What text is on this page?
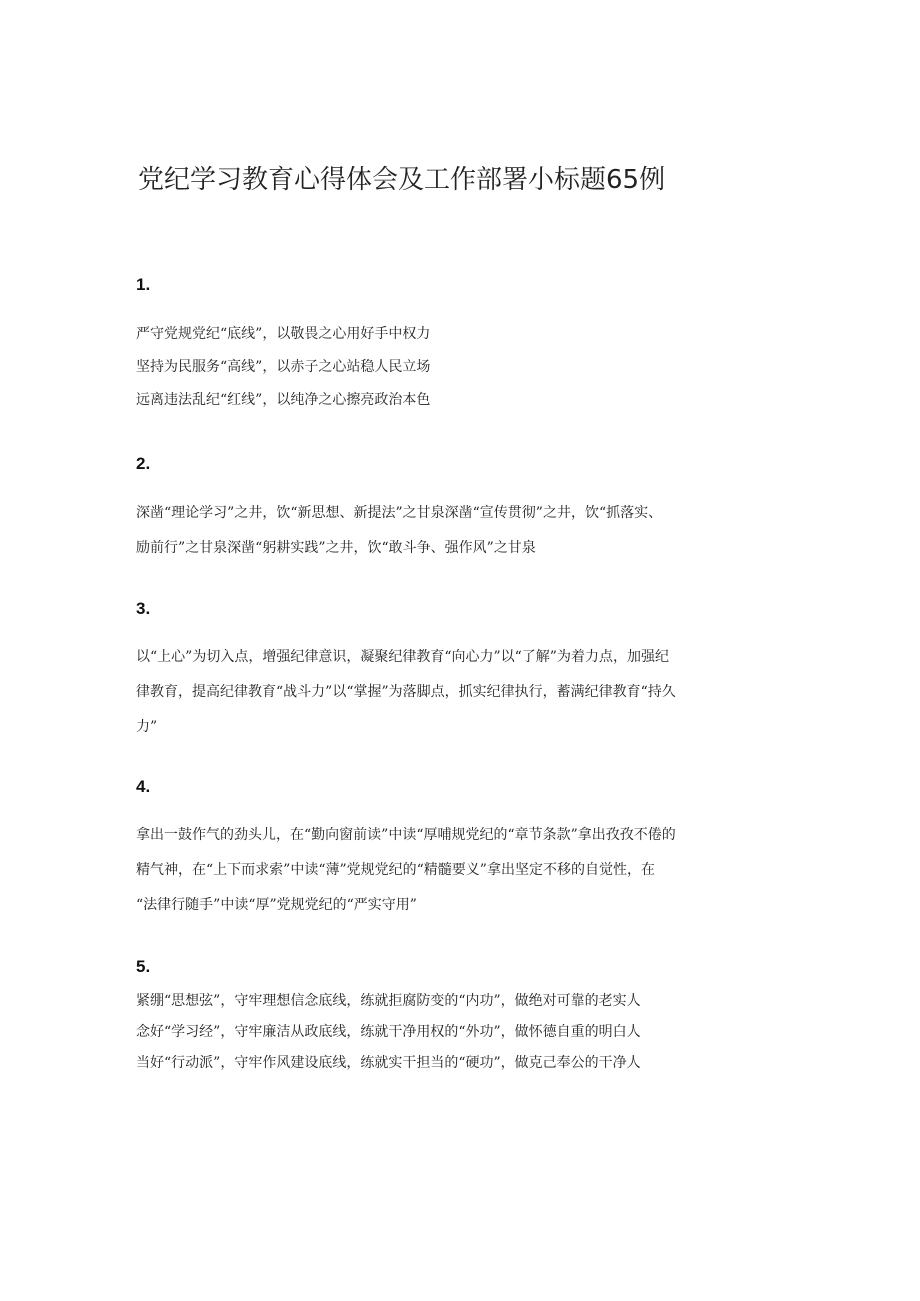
党纪学习教育心得体会及工作部署小标题65例

1.

严守党规党纪“底线”，以敬畏之心用好手中权力
坚持为民服务“高线”，以赤子之心站稳人民立场
远离违法乱纪“红线”，以纯净之心擦亮政治本色

2.

深凿“理论学习”之井，饮“新思想、新提法”之甘泉深凿“宣传贯彻”之井，饮“抓落实、
励前行”之甘泉深凿“躬耕实践”之井，饮“敢斗争、强作风”之甘泉

3.

以“上心”为切入点，增强纪律意识，凝聚纪律教育“向心力”以“了解”为着力点，加强纪
律教育，提高纪律教育“战斗力”以“掌握”为落脚点，抓实纪律执行，蓄满纪律教育“持久
力”

4.

拿出一鼓作气的劲头儿，在“勤向窗前读”中读“厚哺规党纪的“章节条款”拿出孜孜不倦的
精气神，在“上下而求索”中读“薄”党规党纪的“精髓要义”拿出坚定不移的自觉性，在
“法律行随手”中读“厚”党规党纪的“严实守用”

5.

紧绷“思想弦”，守牢理想信念底线，练就拒腐防变的“内功”，做绝对可靠的老实人
念好“学习经”，守牢廉洁从政底线，练就干净用权的“外功”，做怀德自重的明白人
当好“行动派”，守牢作风建设底线，练就实干担当的“硬功”，做克己奉公的干净人
